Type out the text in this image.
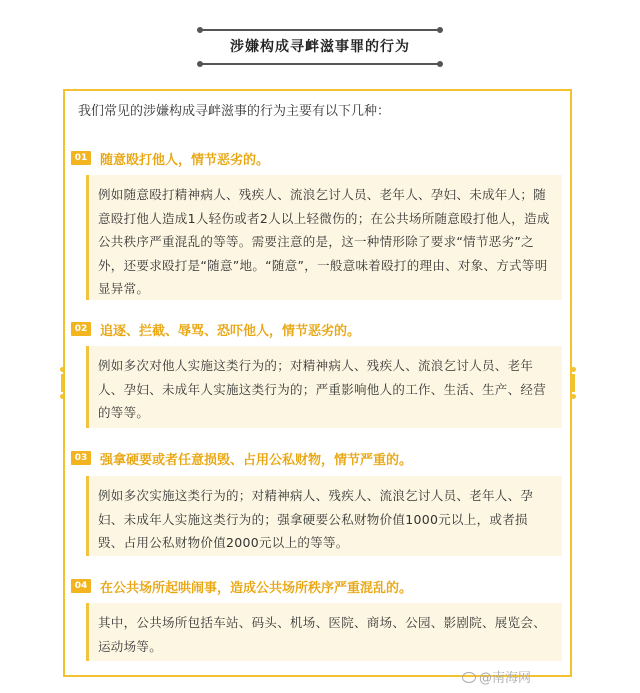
涉嫌构成寻衅滋事罪的行为
我们常见的涉嫌构成寻衅滋事的行为主要有以下几种：
01 随意殴打他人，情节恶劣的。

例如随意殴打精神病人、残疾人、流浪乞讨人员、老年人、孕妇、未成年人；随意殴打他人造成1人轻伤或者2人以上轻微伤的；在公共场所随意殴打他人，造成公共秩序严重混乱的等等。需要注意的是，这一种情形除了要求“情节恶劣”之外，还要求殴打是“随意”地。“随意”，一般意味着殴打的理由、对象、方式等明显异常。

02 追逐、拦截、辱骂、恐吓他人，情节恶劣的。

例如多次对他人实施这类行为的；对精神病人、残疾人、流浪乞讨人员、老年人、孕妇、未成年人实施这类行为的；严重影响他人的工作、生活、生产、经营的等等。

03 强拿硬要或者任意损毁、占用公私财物，情节严重的。

例如多次实施这类行为的；对精神病人、残疾人、流浪乞讨人员、老年人、孕妇、未成年人实施这类行为的；强拿硬要公私财物价值1000元以上，或者损毁、占用公私财物价值2000元以上的等等。

04 在公共场所起哄闹事，造成公共场所秩序严重混乱的。

其中，公共场所包括车站、码头、机场、医院、商场、公园、影剧院、展览会、运动场等。

@南海网
